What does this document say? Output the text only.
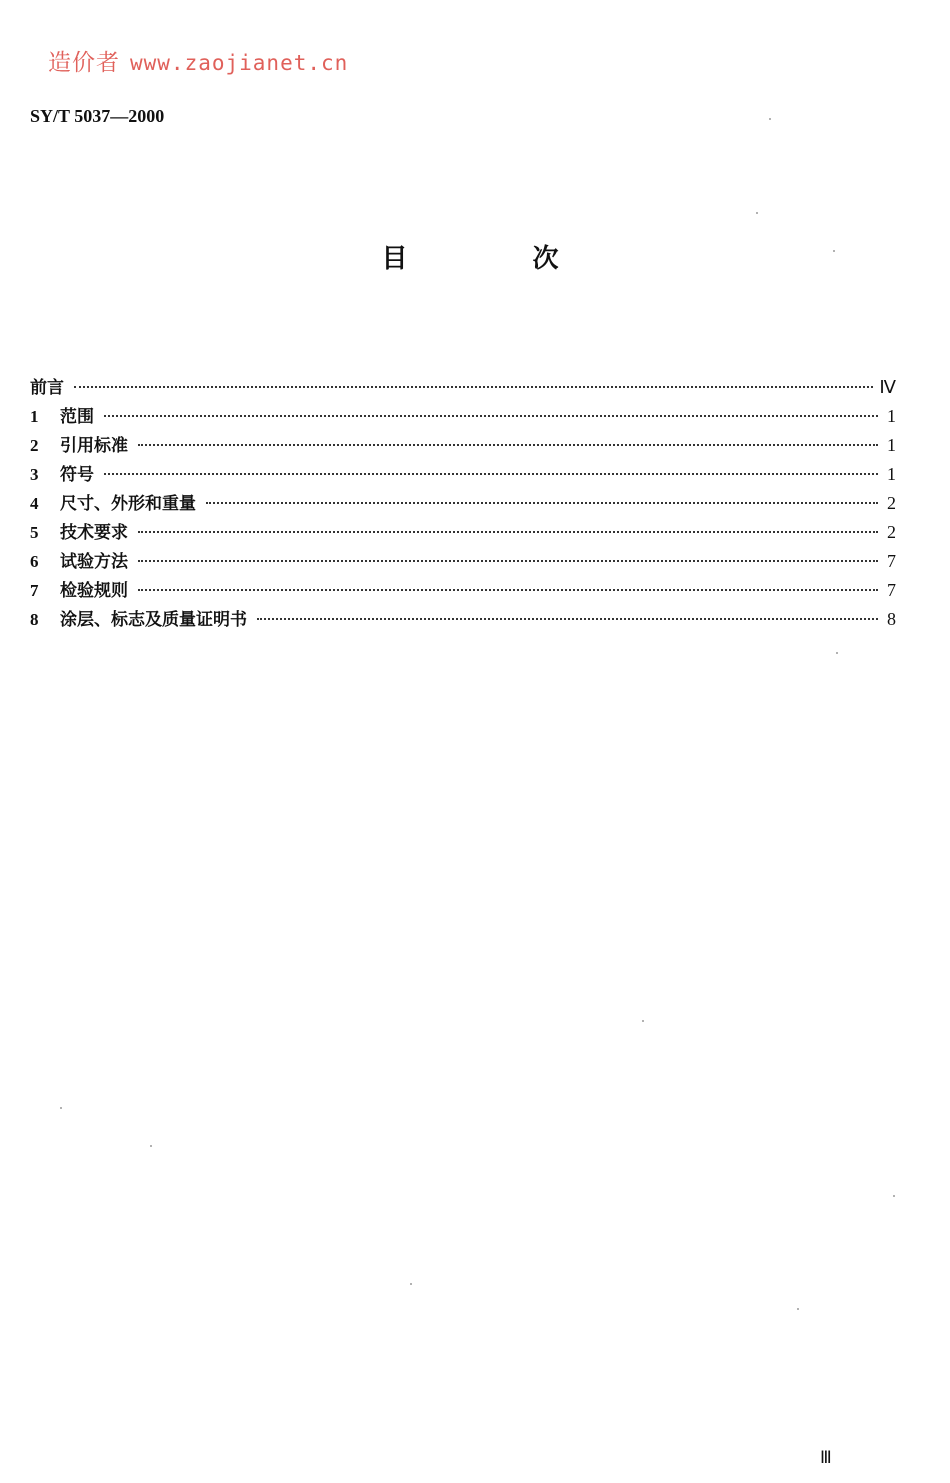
造价者 www.zaojianet.cn
SY/T 5037—2000
目 次
前言	Ⅳ
1	范围	1
2	引用标准	1
3	符号	1
4	尺寸、外形和重量	2
5	技术要求	2
6	试验方法	7
7	检验规则	7
8	涂层、标志及质量证明书	8
Ⅲ
